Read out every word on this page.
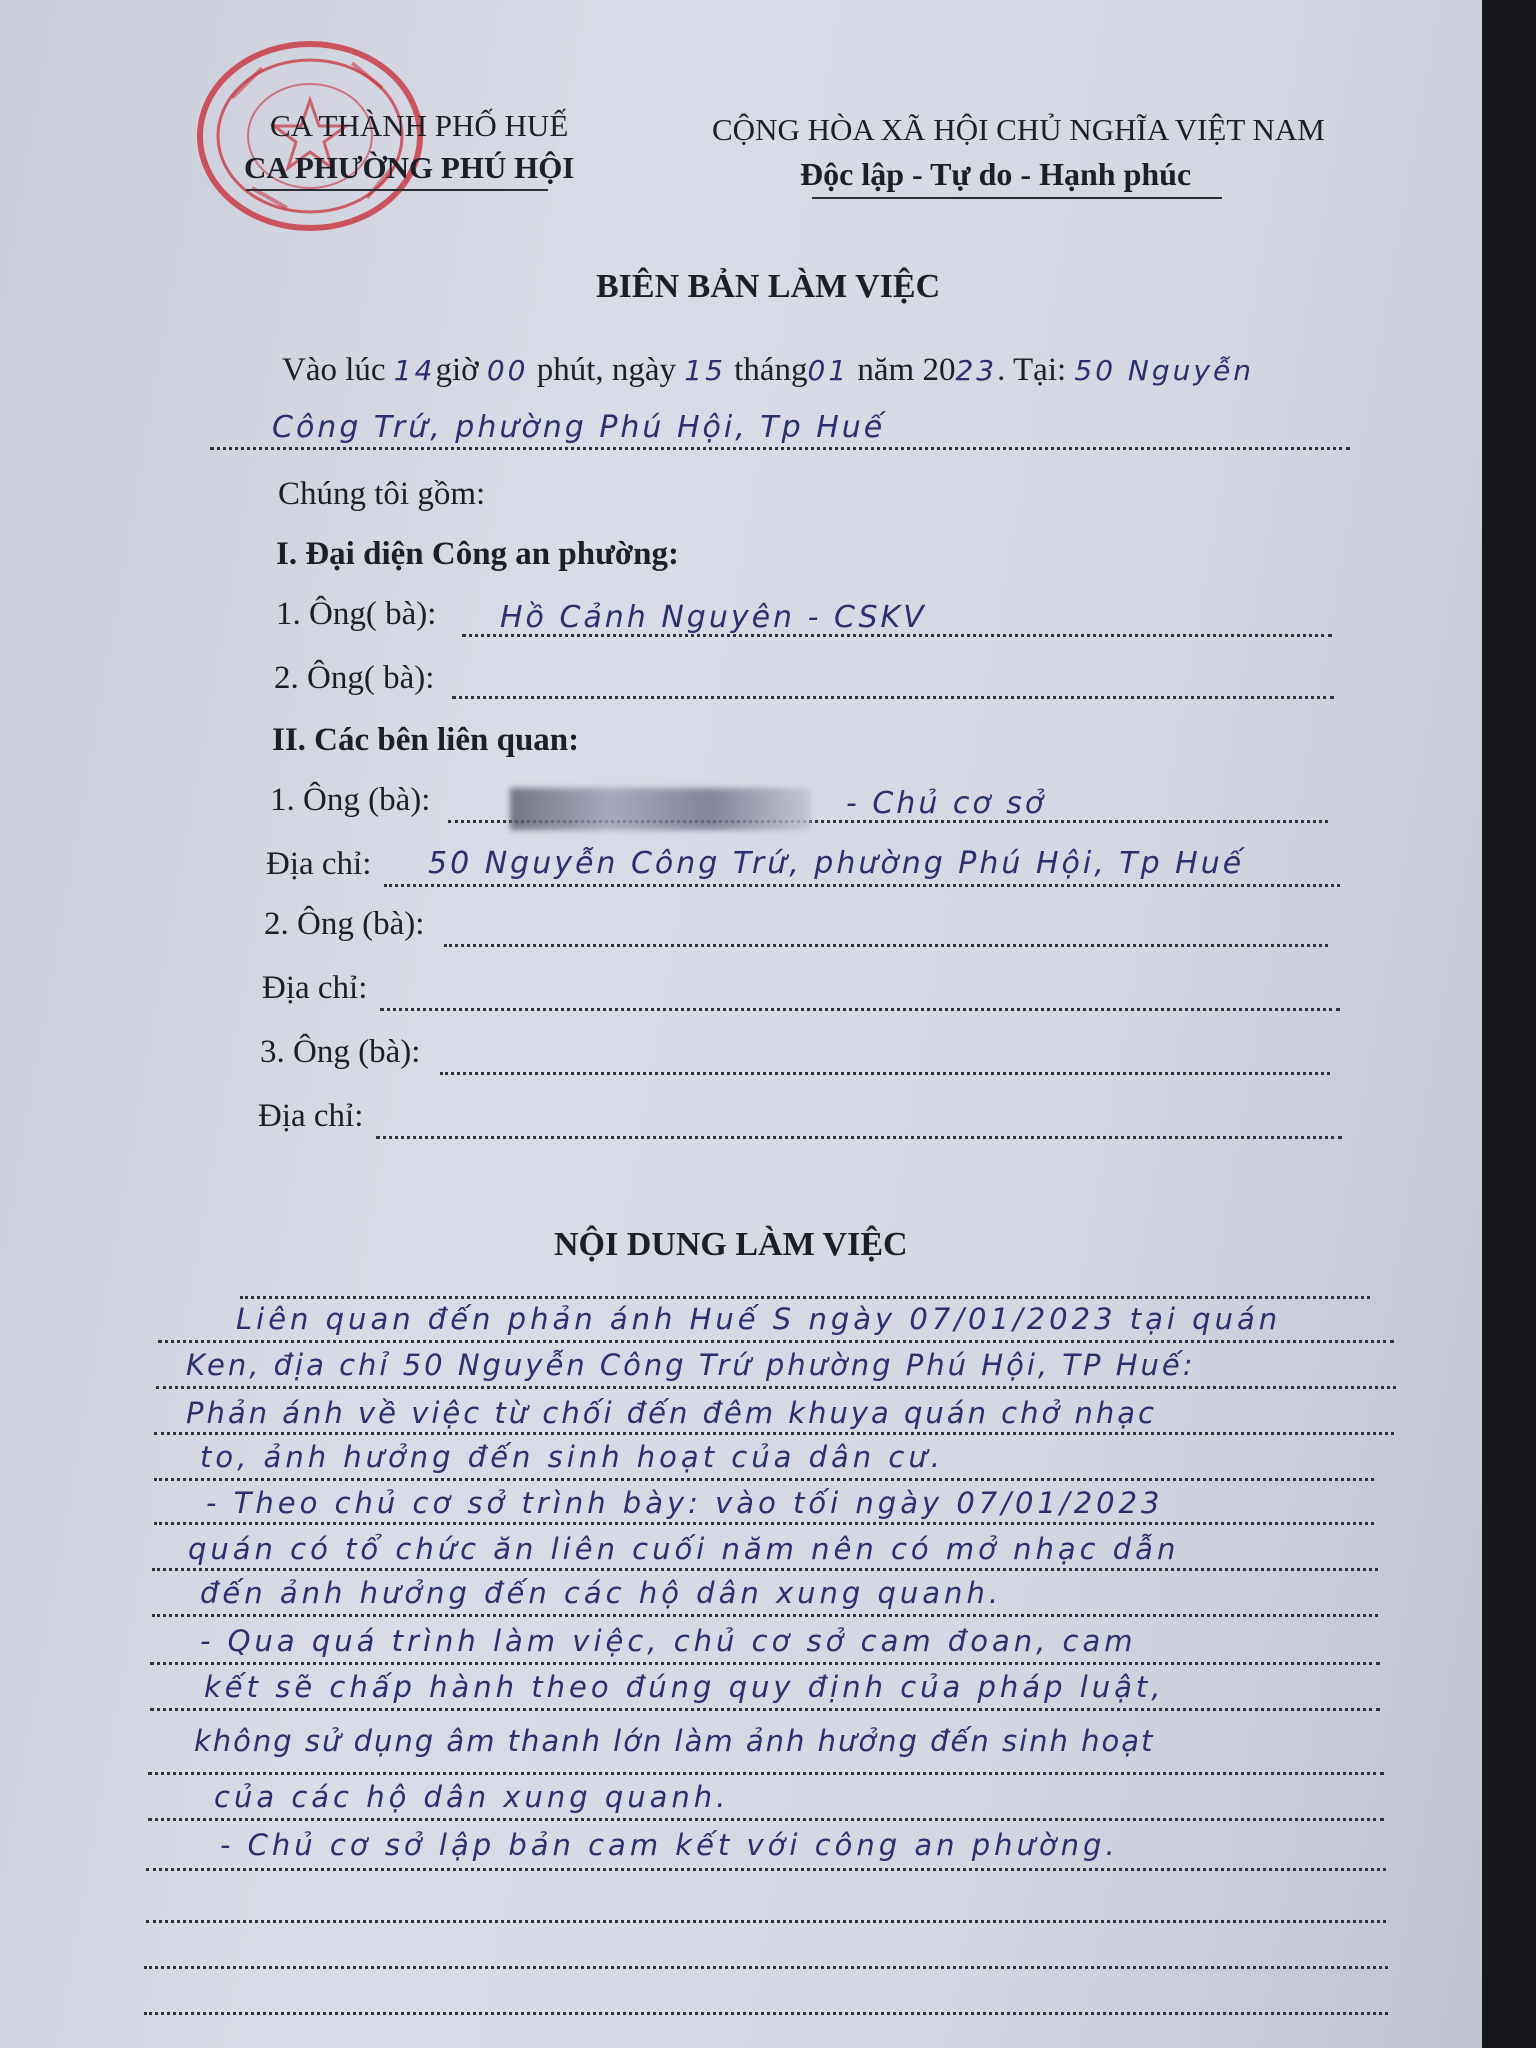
CA THÀNH PHỐ HUẾ
CA PHƯỜNG PHÚ HỘI
CỘNG HÒA XÃ HỘI CHỦ NGHĨA VIỆT NAM
Độc lập - Tự do - Hạnh phúc
BIÊN BẢN LÀM VIỆC
Vào lúc 14giờ 00 phút, ngày 15 tháng01 năm 2023. Tại: 50 Nguyễn
Công Trứ, phường Phú Hội, Tp Huế
Chúng tôi gồm:
I. Đại diện Công an phường:
1. Ông( bà): Hồ Cảnh Nguyên - CSKV
2. Ông( bà):
II. Các bên liên quan:
1. Ông (bà):	- Chủ cơ sở
Địa chỉ: 50 Nguyễn Công Trứ, phường Phú Hội, Tp Huế
2. Ông (bà):
Địa chỉ:
3. Ông (bà):
Địa chỉ:
NỘI DUNG LÀM VIỆC
Liên quan đến phản ánh Huế S ngày 07/01/2023 tại quán
Ken, địa chỉ 50 Nguyễn Công Trứ phường Phú Hội, TP Huế:
Phản ánh về việc từ chối đến đêm khuya quán chở nhạc
to, ảnh hưởng đến sinh hoạt của dân cư.
- Theo chủ cơ sở trình bày: vào tối ngày 07/01/2023
quán có tổ chức ăn liên cuối năm nên có mở nhạc dẫn
đến ảnh hưởng đến các hộ dân xung quanh.
- Qua quá trình làm việc, chủ cơ sở cam đoan, cam
kết sẽ chấp hành theo đúng quy định của pháp luật,
không sử dụng âm thanh lớn làm ảnh hưởng đến sinh hoạt
của các hộ dân xung quanh.
- Chủ cơ sở lập bản cam kết với công an phường.
